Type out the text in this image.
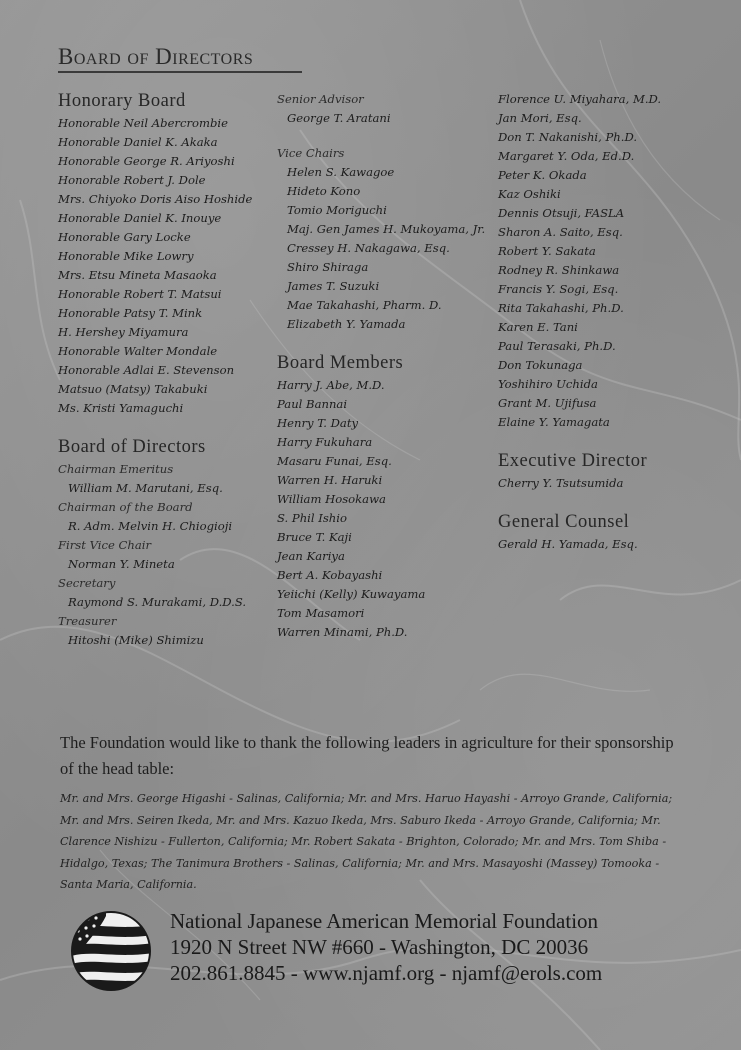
Board of Directors
Honorary Board
Honorable Neil Abercrombie
Honorable Daniel K. Akaka
Honorable George R. Ariyoshi
Honorable Robert J. Dole
Mrs. Chiyoko Doris Aiso Hoshide
Honorable Daniel K. Inouye
Honorable Gary Locke
Honorable Mike Lowry
Mrs. Etsu Mineta Masaoka
Honorable Robert T. Matsui
Honorable Patsy T. Mink
H. Hershey Miyamura
Honorable Walter Mondale
Honorable Adlai E. Stevenson
Matsuo (Matsy) Takabuki
Ms. Kristi Yamaguchi
Board of Directors
Chairman Emeritus
William M. Marutani, Esq.
Chairman of the Board
R. Adm. Melvin H. Chiogioji
First Vice Chair
Norman Y. Mineta
Secretary
Raymond S. Murakami, D.D.S.
Treasurer
Hitoshi (Mike) Shimizu
Senior Advisor
George T. Aratani
Vice Chairs
Helen S. Kawagoe
Hideto Kono
Tomio Moriguchi
Maj. Gen James H. Mukoyama, Jr.
Cressey H. Nakagawa, Esq.
Shiro Shiraga
James T. Suzuki
Mae Takahashi, Pharm. D.
Elizabeth Y. Yamada
Board Members
Harry J. Abe, M.D.
Paul Bannai
Henry T. Daty
Harry Fukuhara
Masaru Funai, Esq.
Warren H. Haruki
William Hosokawa
S. Phil Ishio
Bruce T. Kaji
Jean Kariya
Bert A. Kobayashi
Yeiichi (Kelly) Kuwayama
Tom Masamori
Warren Minami, Ph.D.
Florence U. Miyahara, M.D.
Jan Mori, Esq.
Don T. Nakanishi, Ph.D.
Margaret Y. Oda, Ed.D.
Peter K. Okada
Kaz Oshiki
Dennis Otsuji, FASLA
Sharon A. Saito, Esq.
Robert Y. Sakata
Rodney R. Shinkawa
Francis Y. Sogi, Esq.
Rita Takahashi, Ph.D.
Karen E. Tani
Paul Terasaki, Ph.D.
Don Tokunaga
Yoshihiro Uchida
Grant M. Ujifusa
Elaine Y. Yamagata
Executive Director
Cherry Y. Tsutsumida
General Counsel
Gerald H. Yamada, Esq.

The Foundation would like to thank the following leaders in agriculture for their sponsorship of the head table:

Mr. and Mrs. George Higashi - Salinas, California; Mr. and Mrs. Haruo Hayashi - Arroyo Grande, California; Mr. and Mrs. Seiren Ikeda, Mr. and Mrs. Kazuo Ikeda, Mrs. Saburo Ikeda - Arroyo Grande, California; Mr. Clarence Nishizu - Fullerton, California; Mr. Robert Sakata - Brighton, Colorado; Mr. and Mrs. Tom Shiba - Hidalgo, Texas; The Tanimura Brothers - Salinas, California; Mr. and Mrs. Masayoshi (Massey) Tomooka - Santa Maria, California.

National Japanese American Memorial Foundation
1920 N Street NW #660 - Washington, DC 20036
202.861.8845 - www.njamf.org - njamf@erols.com
